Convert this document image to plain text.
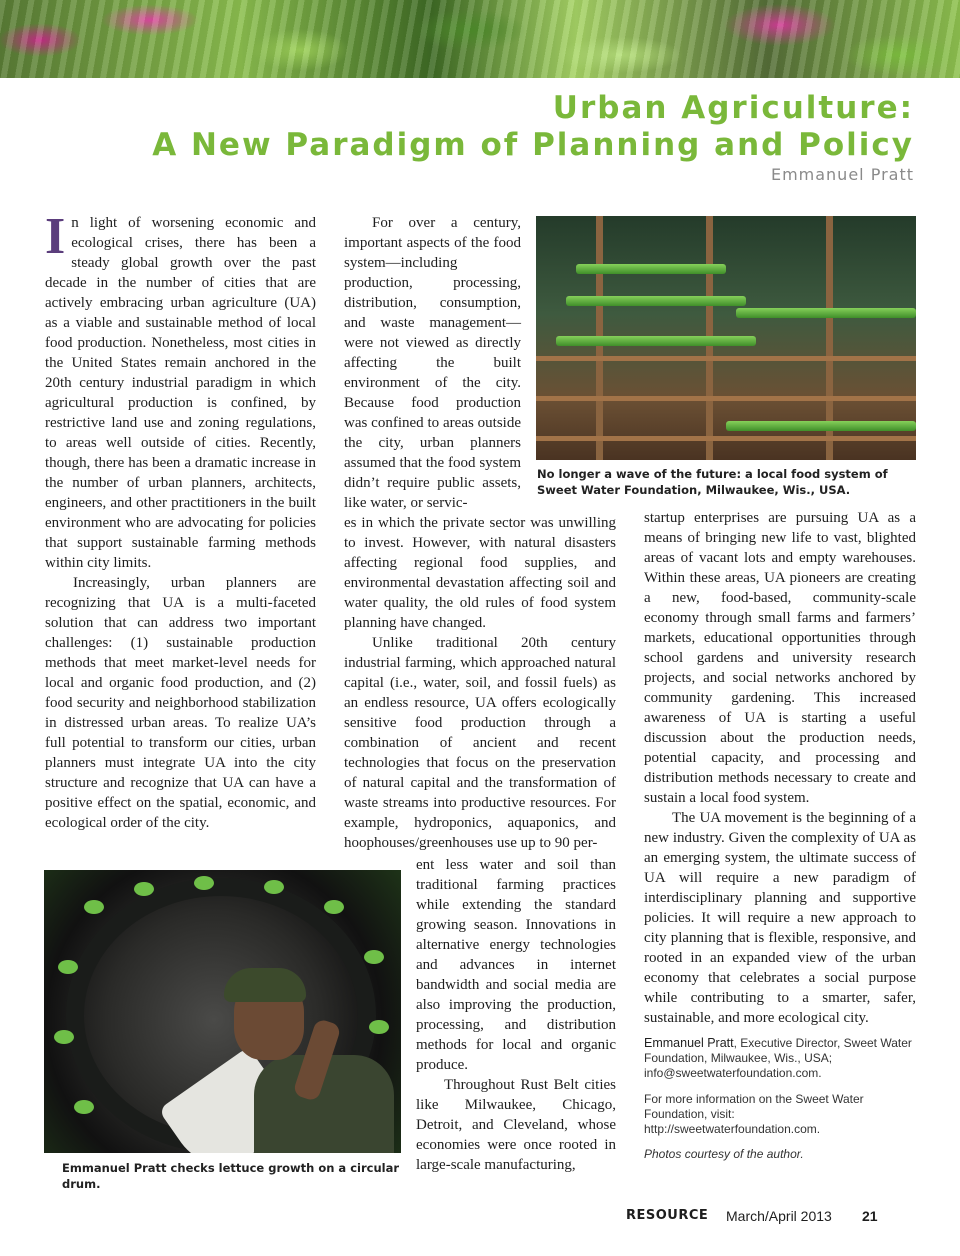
Urban Agriculture:
A New Paradigm of Planning and Policy
Emmanuel Pratt

In light of worsening economic and ecological crises, there has been a steady global growth over the past decade in the number of cities that are actively embracing urban agriculture (UA) as a viable and sustainable method of local food production. Nonetheless, most cities in the United States remain anchored in the 20th century industrial paradigm in which agricultural production is confined, by restrictive land use and zoning regulations, to areas well outside of cities. Recently, though, there has been a dramatic increase in the number of urban planners, architects, engineers, and other practitioners in the built environment who are advocating for policies that support sustainable farming methods within city limits.

Increasingly, urban planners are recognizing that UA is a multi-faceted solution that can address two important challenges: (1) sustainable production methods that meet market-level needs for local and organic food production, and (2) food security and neighborhood stabilization in distressed urban areas. To realize UA’s full potential to transform our cities, urban planners must integrate UA into the city structure and recognize that UA can have a positive effect on the spatial, economic, and ecological order of the city.

For over a century, important aspects of the food system—including production, processing, distribution, consumption, and waste management—were not viewed as directly affecting the built environment of the city. Because food production was confined to areas outside the city, urban planners assumed that the food system didn’t require public assets, like water, or servic-

es in which the private sector was unwilling to invest. However, with natural disasters affecting regional food supplies, and environmental devastation affecting soil and water quality, the old rules of food system planning have changed.

Unlike traditional 20th century industrial farming, which approached natural capital (i.e., water, soil, and fossil fuels) as an endless resource, UA offers ecologically sensitive food production through a combination of ancient and recent technologies that focus on the preservation of natural capital and the transformation of waste streams into productive resources. For example, hydroponics, aquaponics, and hoophouses/greenhouses use up to 90 per-

ent less water and soil than traditional farming practices while extending the standard growing season. Innovations in alternative energy technologies and advances in internet bandwidth and social media are also improving the production, processing, and distribution methods for local and organic produce.

Throughout Rust Belt cities like Milwaukee, Chicago, Detroit, and Cleveland, whose economies were once rooted in large-scale manufacturing,

startup enterprises are pursuing UA as a means of bringing new life to vast, blighted areas of vacant lots and empty warehouses. Within these areas, UA pioneers are creating a new, food-based, community-scale economy through small farms and farmers’ markets, educational opportunities through school gardens and university research projects, and social networks anchored by community gardening. This increased awareness of UA is starting a useful discussion about the production needs, potential capacity, and processing and distribution methods necessary to create and sustain a local food system.

The UA movement is the beginning of a new industry. Given the complexity of UA as an emerging system, the ultimate success of UA will require a new paradigm of interdisciplinary planning and supportive policies. It will require a new approach to city planning that is flexible, responsive, and rooted in an expanded view of the urban economy that celebrates a social purpose while contributing to a smarter, safer, sustainable, and more ecological city.

No longer a wave of the future: a local food system of Sweet Water Foundation, Milwaukee, Wis., USA.
Emmanuel Pratt checks lettuce growth on a circular drum.
Emmanuel Pratt, Executive Director, Sweet Water Foundation, Milwaukee, Wis., USA; info@sweetwaterfoundation.com.
For more information on the Sweet Water Foundation, visit: http://sweetwaterfoundation.com.
Photos courtesy of the author.
RESOURCE March/April 2013 21
